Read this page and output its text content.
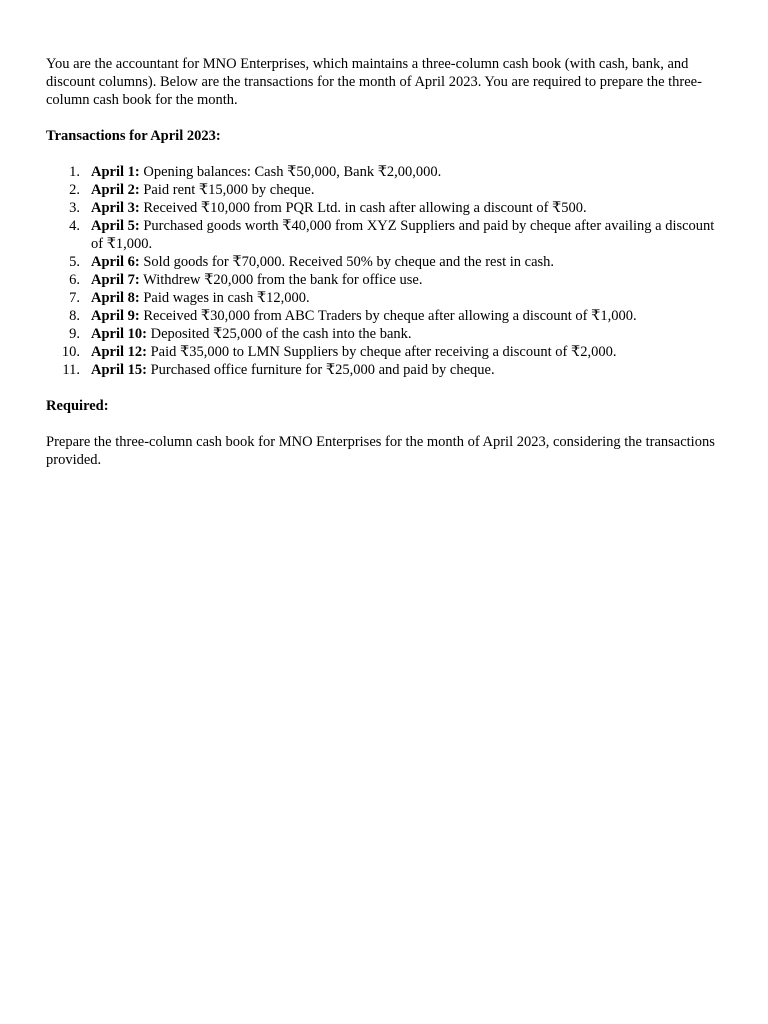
You are the accountant for MNO Enterprises, which maintains a three-column cash book (with cash, bank, and discount columns). Below are the transactions for the month of April 2023. You are required to prepare the three-column cash book for the month.

Transactions for April 2023:

1. April 1: Opening balances: Cash ₹50,000, Bank ₹2,00,000.
2. April 2: Paid rent ₹15,000 by cheque.
3. April 3: Received ₹10,000 from PQR Ltd. in cash after allowing a discount of ₹500.
4. April 5: Purchased goods worth ₹40,000 from XYZ Suppliers and paid by cheque after availing a discount of ₹1,000.
5. April 6: Sold goods for ₹70,000. Received 50% by cheque and the rest in cash.
6. April 7: Withdrew ₹20,000 from the bank for office use.
7. April 8: Paid wages in cash ₹12,000.
8. April 9: Received ₹30,000 from ABC Traders by cheque after allowing a discount of ₹1,000.
9. April 10: Deposited ₹25,000 of the cash into the bank.
10. April 12: Paid ₹35,000 to LMN Suppliers by cheque after receiving a discount of ₹2,000.
11. April 15: Purchased office furniture for ₹25,000 and paid by cheque.

Required:

Prepare the three-column cash book for MNO Enterprises for the month of April 2023, considering the transactions provided.
